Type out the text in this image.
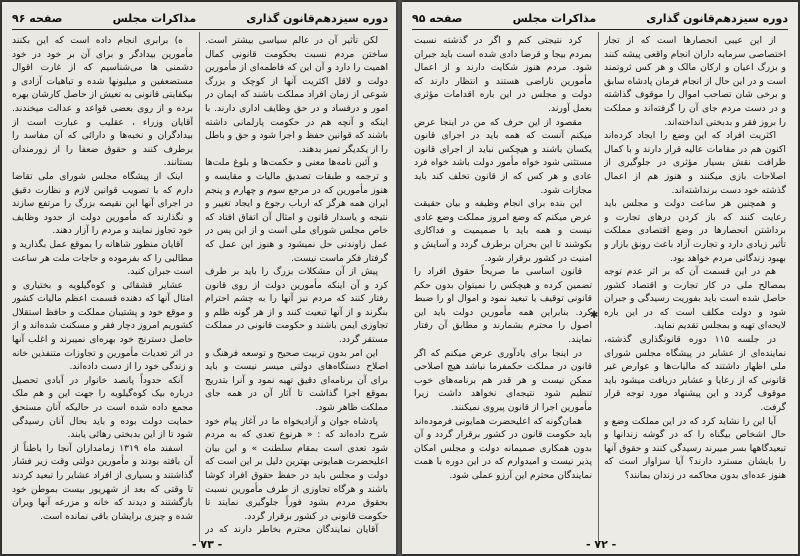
دوره سیزدهم‌قانون گذاری
مذاکرات مجلس
صفحه ۹۶

لکن تأثیر آن در عالم سیاسی بیشتر است. ساختن مردم نسبت بحکومت قانونی کمال اهمیت را دارد و آن این که فاطمه‌ای از مأمورین دولت و لاقل اکثریت آنها از کوچک و بزرگ شوعی از زمان افراد مملکت باشند که ایمان در امور و درفساد و در حق وظایف اداری دارند. با اینکه و آنچه هم در حکومت پارلمانی داشته باشند که قوانین حفظ و اجرا شود و حق و باطل را از یکدیگر تمیز بدهند.

و آئین نامه‌ها معنی و حکمت‌ها و بلوغ ملت‌ها و ترجمه و طبقات تصدیق مالیات و مقایسه و هنوز مأمورین که در مرجع سوم و چهارم و پنجم ایران همه هرگز که ارباب رجوع و ایجاد تغییر و نتیجه و یاسدار قانون و امثال آن اتفاق افتاد که خاص مجلس شورای ملی است و از این پس در عمل زاوندنی حل نمیشود و هنوز این عمل که گرفتار فکر ماست نیست.

پیش از آن مشکلات بزرگ را باید بر طرف کرد و آن اینکه مأمورین دولت از روی قانون رفتار کنند که مردم نیز آنها را به چشم احترام بنگرند و از آنها تبعیت کنند و از هر گونه ظلم و تجاوزی ایمن باشند و حکومت قانونی در مملکت مستقر گردد.

این امر بدون تربیت صحیح و توسعه فرهنگ و اصلاح دستگاه‌های دولتی میسر نیست و باید برای آن برنامه‌ای دقیق تهیه نمود و آنرا بتدریج بموقع اجرا گذاشت تا آثار آن در همه جای مملکت ظاهر شود.

پادشاه جوان و آزادیخواه ما در آغاز پیام خود شرح داده‌اند که : « هرنوع تعدی که به مردم شود تعدی است بمقام سلطنت » و این بیان اعلیحضرت همایونی بهترین دلیل بر این است که دولت و مجلس باید در حفظ حقوق افراد کوشا باشند و هرگاه تجاوزی از طرف مأمورین نسبت بحقوق مردم بشود فوراً جلوگیری نمایند تا حکومت قانونی در کشور برقرار گردد.

آقایان نمایندگان محترم بخاطر دارند که در

ه) برابری انجام داده است که این بکنند مأمورین بیدادگر و برای آن بر خود در خود دشمنی ها می‌شناسیم که از غارت اقوال مستضعفین و میلیونها شده و تباهیات آزادی و بیکفایتی قانونی به تعیش از حاصل کارشان بهره برده و از روی بعضی قواعد و عدالت میخندند. آقایان وزراء ، عقلیب و عبارت است از بیدادگران و نخبه‌ها و دارائی که آن مفاسد را برطرف کنند و حقوق ضعفا را از زورمندان بستانند.

اینک از پیشگاه مجلس شورای ملی تقاضا دارم که با تصویب قوانین لازم و نظارت دقیق در اجرای آنها این نقیصه بزرگ را مرتفع سازند و نگذارند که مأمورین دولت از حدود وظایف خود تجاوز نمایند و مردم را آزار دهند.

آقایان منظور شاهانه را بموقع عمل بگذارید و مطالبی را که بفرموده و حاجات ملت هر ساعت است جبران کنید.

عشایر قشقائی و کوه‌گیلویه و بختیاری و امثال آنها که دهنده قسمت اعظم مالیات کشور و موقع خود و پشتیبان مملکت و حافظ استقلال کشوریم امروز دچار فقر و مسکنت شده‌اند و از حاصل دسترنج خود بهره‌ای نمیبرند و اغلب آنها در اثر تعدیات مأمورین و تجاوزات متنفذین خانه و زندگی خود را از دست داده‌اند.

آنکه حدوداً پانصد خانوار در آبادی تحصیل درباره بیک کوه‌گیلویه را جهت این و هم ملک مجمع داده شده است در حالیکه آنان مستحق حمایت دولت بوده و باید بحال آنان رسیدگی شود تا از این بدبختی رهائی یابند.

اسفند ماه ۱۳۱۹ زمامداران آنجا را باطناً از آن بافته بودند و مأمورین دولتی وقت زیر فشار گذاشتند و بسیاری از افراد عشایر را تبعید کردند تا وقتی که بعد از شهریور بیست بموطن خود بازگشتند و دیدند که خانه و مزرعه آنها ویران شده و چیزی برایشان باقی نمانده است.

- ۷۳ -
دوره سیزدهم‌قانون گذاری
مذاکرات مجلس
صفحه ۹۵

از این عیبی انحصارها است که از تجار اختصاصی سرمایه داران انجام واقعی پیشه کنند و بزرگ اعیان و ارکان مالک و هر کس ثروتمند است و در این حال از انجام فرمان پادشاه سابق و برخی شان تصاحب اموال را موقوف گذاشته و در دست مردم جای آن را گرفته‌اند و مملکت را بروز فقر و بدبختی انداخته‌اند.

اکثریت افراد که این وضع را ایجاد کرده‌اند اکنون هم در مقامات عالیه قرار دارند و با کمال ظرافت نقش بسیار مؤثری در جلوگیری از اصلاحات بازی میکنند و هنوز هم از اعمال گذشته خود دست برنداشته‌اند.

و همچنین هر ساعت دولت و مجلس باید رعایت کنند که باز کردن درهای تجارت و برداشتن انحصارها در وضع اقتصادی مملکت تأثیر زیادی دارد و تجارت آزاد باعث رونق بازار و بهبود زندگانی مردم خواهد بود.

هم در این قسمت آن که بر اثر عدم توجه بمصالح ملی در کار تجارت و اقتصاد کشور حاصل شده است باید بفوریت رسیدگی و جبران شود و دولت مکلف است که در این باره لایحه‌ای تهیه و بمجلس تقدیم نماید.

در جلسه ۱۱۵ دوره قانونگذاری گذشته، نماینده‌ای از عشایر در پیشگاه مجلس شورای ملی اظهار داشتند که مالیات‌ها و عوارض غیر قانونی که از رعایا و عشایر دریافت میشود باید موقوف گردد و این پیشنهاد مورد توجه قرار گرفت.

آیا این را نشاید کرد که در این مملکت وضع و حال اشخاص بیگناه را که در گوشه زندانها و تبعیدگاهها بسر میبرند رسیدگی کنند و حقوق آنها را بایشان مسترد دارند؟ آیا سزاوار است که هنوز عده‌ای بدون محاکمه در زندان بمانند؟

کرد نتیجتی کنم و اگر در گذشته نسبت بمردم بیجا و قرضا دادی شده است باید جبران شود. مردم هنوز شکایت دارند و از اعمال مأمورین ناراضی هستند و انتظار دارند که دولت و مجلس در این باره اقدامات مؤثری بعمل آورند.

مقصود از این حرف که من در اینجا عرض میکنم آنست که همه باید در اجرای قانون یکسان باشند و هیچکس نباید از اجرای قانون مستثنی شود خواه مأمور دولت باشد خواه فرد عادی و هر کس که از قانون تخلف کند باید مجازات شود.

این بنده برای انجام وظیفه و بیان حقیقت عرض میکنم که وضع امروز مملکت وضع عادی نیست و همه باید با صمیمیت و فداکاری بکوشند تا این بحران برطرف گردد و آسایش و امنیت در کشور برقرار شود.

قانون اساسی ما صریحاً حقوق افراد را تضمین کرده و هیچکس را نمیتوان بدون حکم قانونی توقیف یا تبعید نمود و اموال او را ضبط کرد. بنابراین همه مأمورین دولت باید این اصول را محترم بشمارند و مطابق آن رفتار نمایند.

در اینجا برای یادآوری عرض میکنم که اگر قانون در مملکت حکمفرما نباشد هیچ اصلاحی ممکن نیست و هر قدر هم برنامه‌های خوب تنظیم شود نتیجه‌ای نخواهد داشت زیرا مأمورین اجرا از قانون پیروی نمیکنند.

همان‌گونه که اعلیحضرت همایونی فرموده‌اند باید حکومت قانون در کشور برقرار گردد و آن بدون همکاری صمیمانه دولت و مجلس امکان پذیر نیست و امیدوارم که در این دوره با همت نمایندگان محترم این آرزو عملی شود.

✱
- ۷۲ -
